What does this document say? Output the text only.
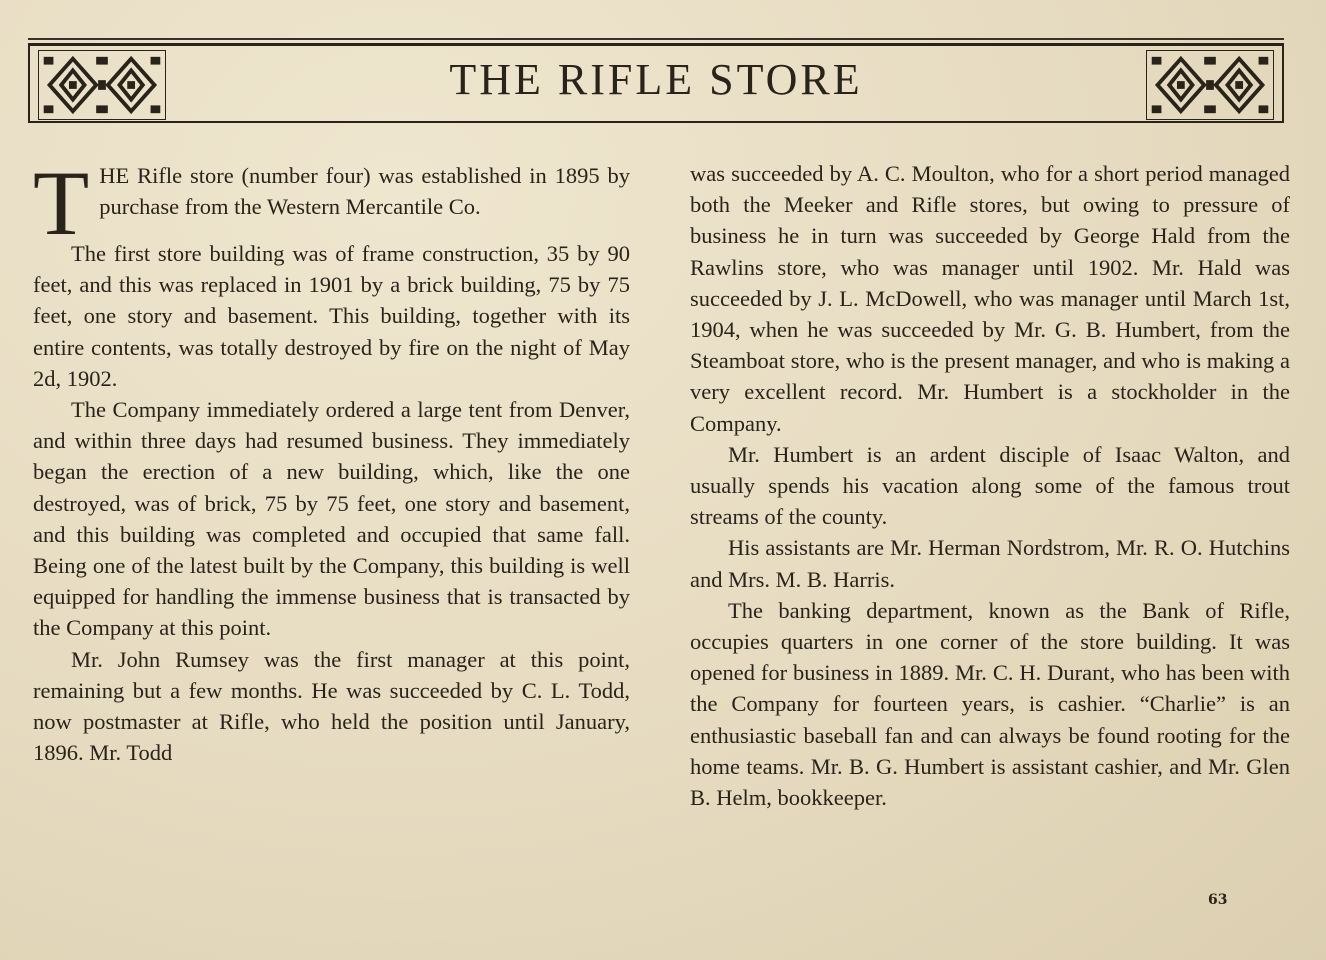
THE RIFLE STORE

THE Rifle store (number four) was established in 1895 by purchase from the Western Mercantile Co.

The first store building was of frame construction, 35 by 90 feet, and this was replaced in 1901 by a brick building, 75 by 75 feet, one story and basement. This building, together with its entire contents, was totally destroyed by fire on the night of May 2d, 1902.

The Company immediately ordered a large tent from Denver, and within three days had resumed business. They immediately began the erection of a new building, which, like the one destroyed, was of brick, 75 by 75 feet, one story and basement, and this building was completed and occupied that same fall. Being one of the latest built by the Company, this building is well equipped for handling the immense business that is transacted by the Company at this point.

Mr. John Rumsey was the first manager at this point, remaining but a few months. He was succeeded by C. L. Todd, now postmaster at Rifle, who held the position until January, 1896. Mr. Todd

was succeeded by A. C. Moulton, who for a short period managed both the Meeker and Rifle stores, but owing to pressure of business he in turn was succeeded by George Hald from the Rawlins store, who was manager until 1902. Mr. Hald was succeeded by J. L. McDowell, who was manager until March 1st, 1904, when he was succeeded by Mr. G. B. Humbert, from the Steamboat store, who is the present manager, and who is making a very excellent record. Mr. Humbert is a stockholder in the Company.

Mr. Humbert is an ardent disciple of Isaac Walton, and usually spends his vacation along some of the famous trout streams of the county.

His assistants are Mr. Herman Nordstrom, Mr. R. O. Hutchins and Mrs. M. B. Harris.

The banking department, known as the Bank of Rifle, occupies quarters in one corner of the store building. It was opened for business in 1889. Mr. C. H. Durant, who has been with the Company for fourteen years, is cashier. “Charlie” is an enthusiastic baseball fan and can always be found rooting for the home teams. Mr. B. G. Humbert is assistant cashier, and Mr. Glen B. Helm, bookkeeper.

63
